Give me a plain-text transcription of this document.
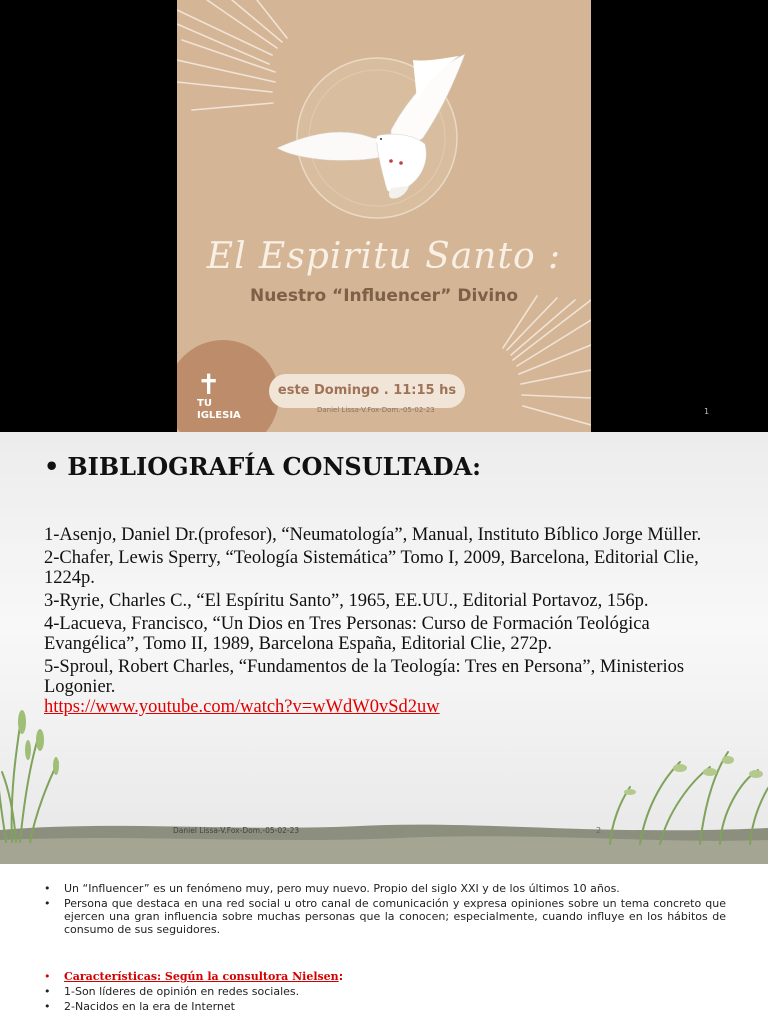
El Espiritu Santo :
Nuestro “Influencer” Divino
✝
TU
IGLESIA
este Domingo . 11:15 hs
Daniel Lissa-V.Fox-Dom.-05-02-23	1
• BIBLIOGRAFÍA CONSULTADA:
1-Asenjo, Daniel Dr.(profesor), “Neumatología”, Manual, Instituto Bíblico Jorge Müller.
2-Chafer, Lewis Sperry, “Teología Sistemática” Tomo I, 2009, Barcelona, Editorial Clie, 1224p.
3-Ryrie, Charles C., “El Espíritu Santo”, 1965, EE.UU., Editorial Portavoz, 156p.
4-Lacueva, Francisco, “Un Dios en Tres Personas: Curso de Formación Teológica Evangélica”, Tomo II, 1989, Barcelona España, Editorial Clie, 272p.
5-Sproul, Robert Charles, “Fundamentos de la Teología: Tres en Persona”, Ministerios Logonier.
https://www.youtube.com/watch?v=wWdW0vSd2uw
Daniel Lissa-V.Fox-Dom.-05-02-23	2
• Un “Influencer” es un fenómeno muy, pero muy nuevo. Propio del siglo XXI y de los últimos 10 años.
• Persona que destaca en una red social u otro canal de comunicación y expresa opiniones sobre un tema concreto que ejercen una gran influencia sobre muchas personas que la conocen; especialmente, cuando influye en los hábitos de consumo de sus seguidores.
• Características: Según la consultora Nielsen:
• 1-Son líderes de opinión en redes sociales.
• 2-Nacidos en la era de Internet
